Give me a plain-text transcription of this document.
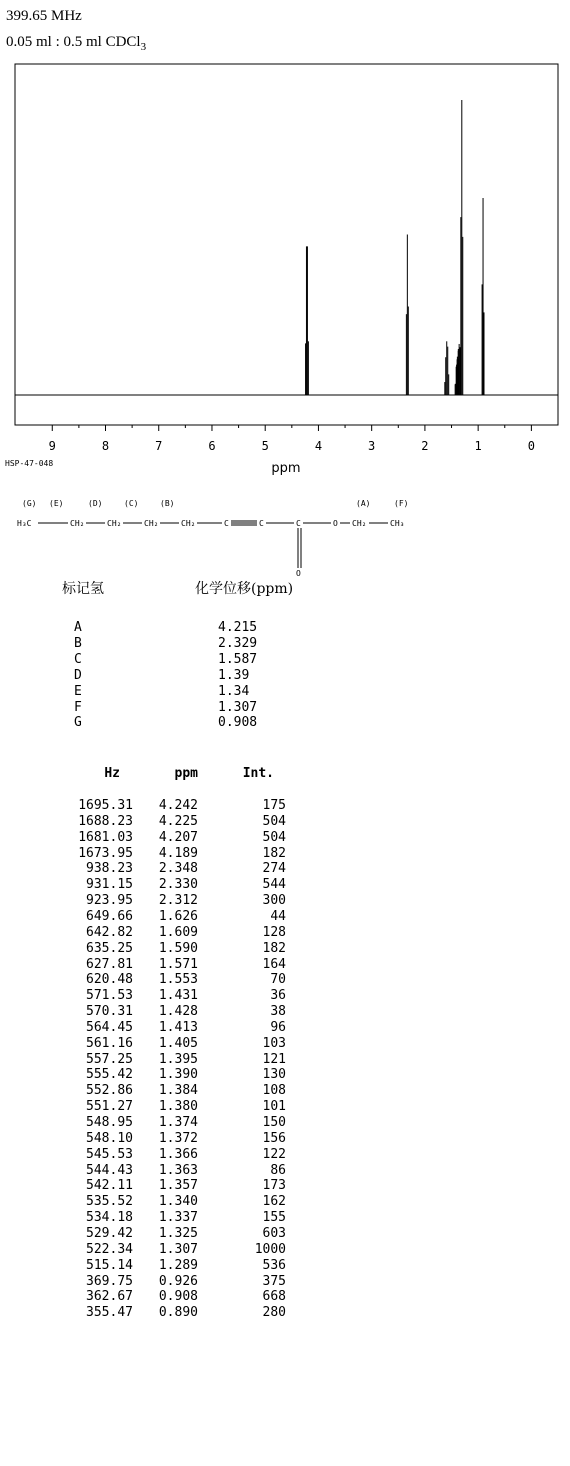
399.65 MHz
0.05 ml : 0.5 ml CDCl$_3$
9	8	7	6	5	4	3	2	1	0
ppm
HSP-47-048
(G) (E)	(D)	(C)	(B)	(A)	(F)
H₃C	CH₂	CH₂	CH₂	CH₂	C	C	C	O CH₂	CH₃
O
标记氢	化学位移(ppm)
A	4.215
B	2.329
C	1.587
D	1.39
E	1.34
F	1.307
G	0.908
Hz	ppm	Int.
1695.31	4.242	175
1688.23	4.225	504
1681.03	4.207	504
1673.95	4.189	182
938.23	2.348	274
931.15	2.330	544
923.95	2.312	300
649.66	1.626	44
642.82	1.609	128
635.25	1.590	182
627.81	1.571	164
620.48	1.553	70
571.53	1.431	36
570.31	1.428	38
564.45	1.413	96
561.16	1.405	103
557.25	1.395	121
555.42	1.390	130
552.86	1.384	108
551.27	1.380	101
548.95	1.374	150
548.10	1.372	156
545.53	1.366	122
544.43	1.363	86
542.11	1.357	173
535.52	1.340	162
534.18	1.337	155
529.42	1.325	603
522.34	1.307	1000
515.14	1.289	536
369.75	0.926	375
362.67	0.908	668
355.47	0.890	280
